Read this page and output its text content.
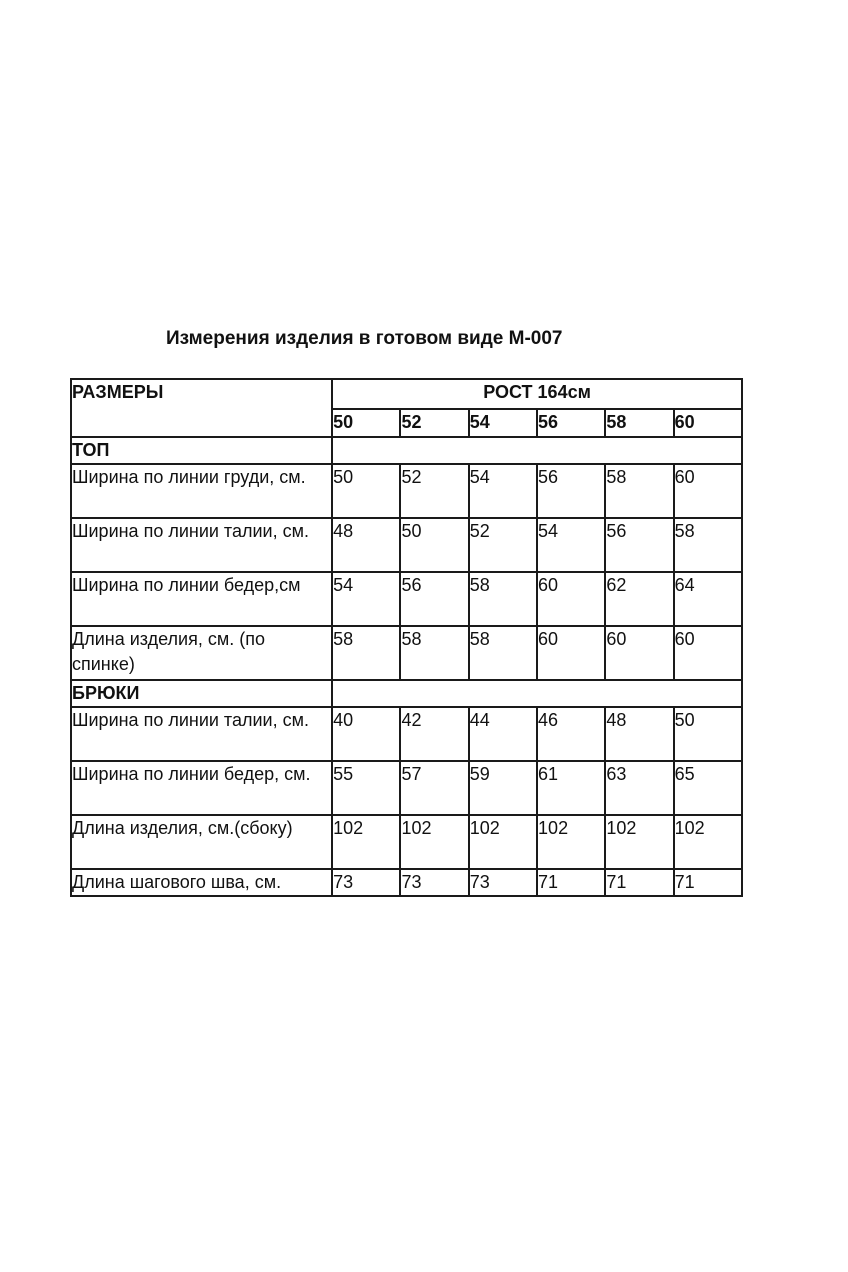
Измерения изделия в готовом виде М-007
РАЗМЕРЫ	РОСТ 164см					
	50	52	54	56	58	60
ТОП						
Ширина по линии груди, см.	50	52	54	56	58	60
Ширина по линии талии, см.	48	50	52	54	56	58
Ширина по линии бедер,см	54	56	58	60	62	64
Длина изделия, см. (по спинке)	58	58	58	60	60	60
БРЮКИ						
Ширина по линии талии, см.	40	42	44	46	48	50
Ширина по линии бедер, см.	55	57	59	61	63	65
Длина изделия, см.(сбоку)	102	102	102	102	102	102
Длина шагового шва, см.	73	73	73	71	71	71
